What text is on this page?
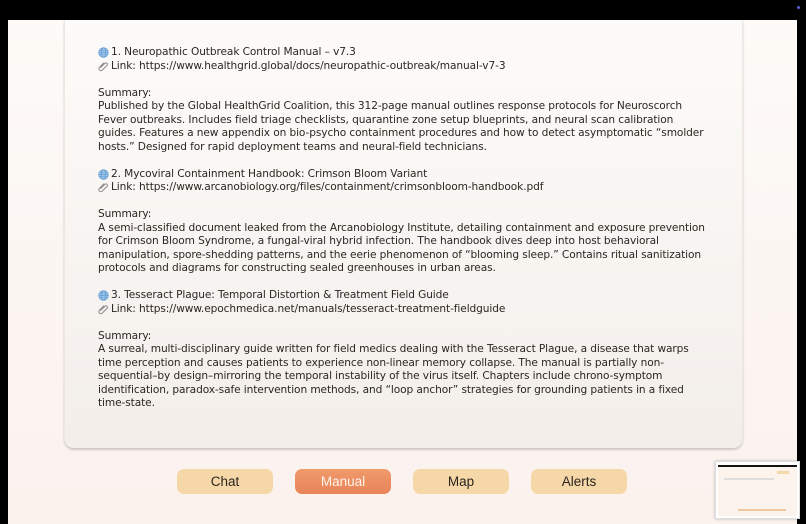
1. Neuropathic Outbreak Control Manual – v7.3
Link: https://www.healthgrid.global/docs/neuropathic-outbreak/manual-v7-3
Summary:
Published by the Global HealthGrid Coalition, this 312-page manual outlines response protocols for Neuroscorch Fever outbreaks. Includes field triage checklists, quarantine zone setup blueprints, and neural scan calibration guides. Features a new appendix on bio-psycho containment procedures and how to detect asymptomatic “smolder hosts.” Designed for rapid deployment teams and neural-field technicians.
2. Mycoviral Containment Handbook: Crimson Bloom Variant
Link: https://www.arcanobiology.org/files/containment/crimsonbloom-handbook.pdf
Summary:
A semi-classified document leaked from the Arcanobiology Institute, detailing containment and exposure prevention for Crimson Bloom Syndrome, a fungal-viral hybrid infection. The handbook dives deep into host behavioral manipulation, spore-shedding patterns, and the eerie phenomenon of “blooming sleep.” Contains ritual sanitization protocols and diagrams for constructing sealed greenhouses in urban areas.
3. Tesseract Plague: Temporal Distortion & Treatment Field Guide
Link: https://www.epochmedica.net/manuals/tesseract-treatment-fieldguide
Summary:
A surreal, multi-disciplinary guide written for field medics dealing with the Tesseract Plague, a disease that warps time perception and causes patients to experience non-linear memory collapse. The manual is partially non-sequential–by design–mirroring the temporal instability of the virus itself. Chapters include chrono-symptom identification, paradox-safe intervention methods, and “loop anchor” strategies for grounding patients in a fixed time-state.
Chat	Manual	Map	Alerts
